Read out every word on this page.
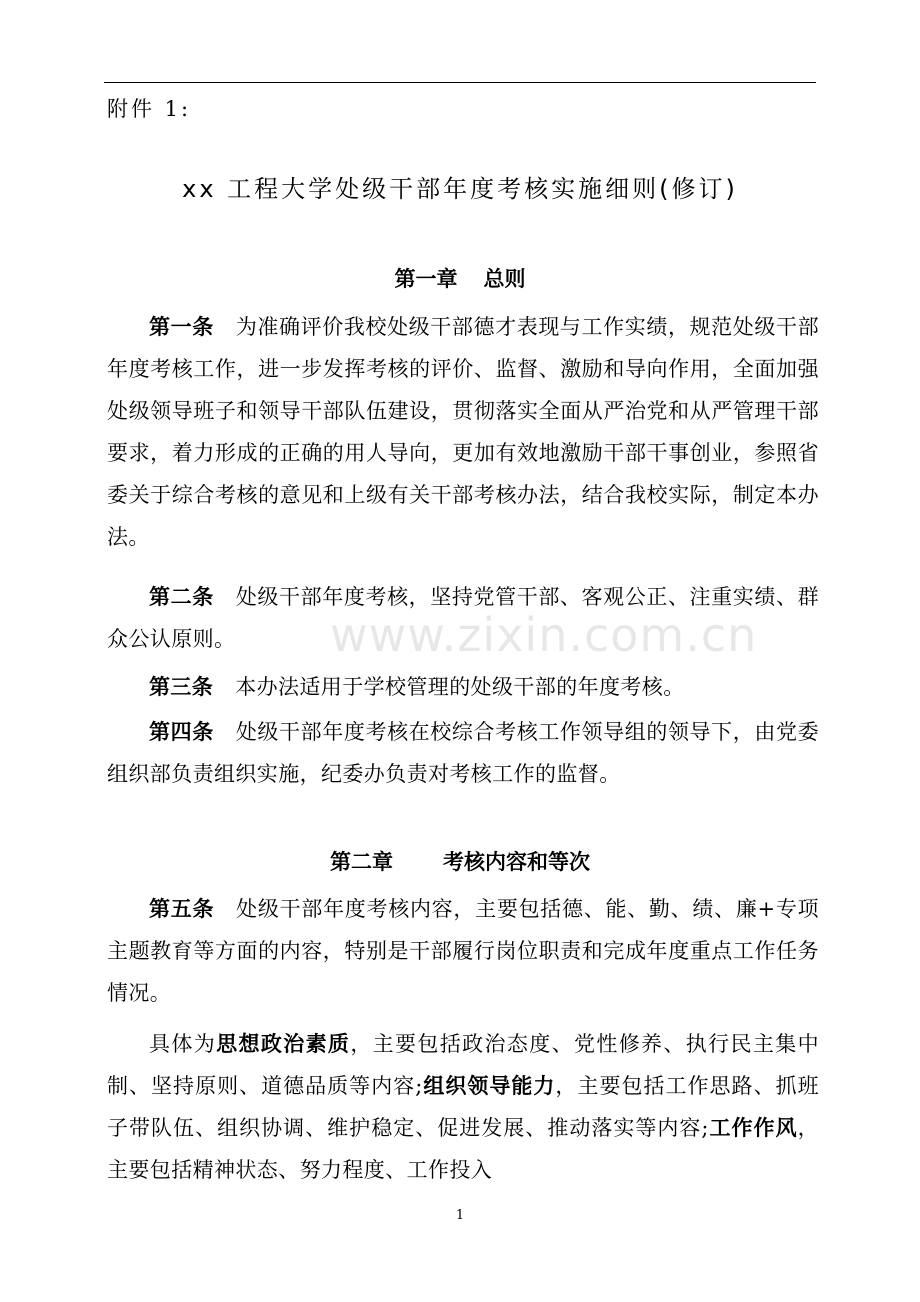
附件 1:
xx 工程大学处级干部年度考核实施细则(修订)
第一章 总则

第一条 为准确评价我校处级干部德才表现与工作实绩，规范处级干部年度考核工作，进一步发挥考核的评价、监督、激励和导向作用，全面加强处级领导班子和领导干部队伍建设，贯彻落实全面从严治党和从严管理干部要求，着力形成的正确的用人导向，更加有效地激励干部干事创业，参照省委关于综合考核的意见和上级有关干部考核办法，结合我校实际，制定本办法。

第二条 处级干部年度考核，坚持党管干部、客观公正、注重实绩、群众公认原则。

第三条 本办法适用于学校管理的处级干部的年度考核。

第四条 处级干部年度考核在校综合考核工作领导组的领导下，由党委组织部负责组织实施，纪委办负责对考核工作的监督。

第二章 考核内容和等次

第五条 处级干部年度考核内容，主要包括德、能、勤、绩、廉+专项主题教育等方面的内容，特别是干部履行岗位职责和完成年度重点工作任务情况。

具体为思想政治素质，主要包括政治态度、党性修养、执行民主集中制、坚持原则、道德品质等内容;组织领导能力，主要包括工作思路、抓班子带队伍、组织协调、维护稳定、促进发展、推动落实等内容;工作作风，主要包括精神状态、努力程度、工作投入

www.zixin.com.cn
1
